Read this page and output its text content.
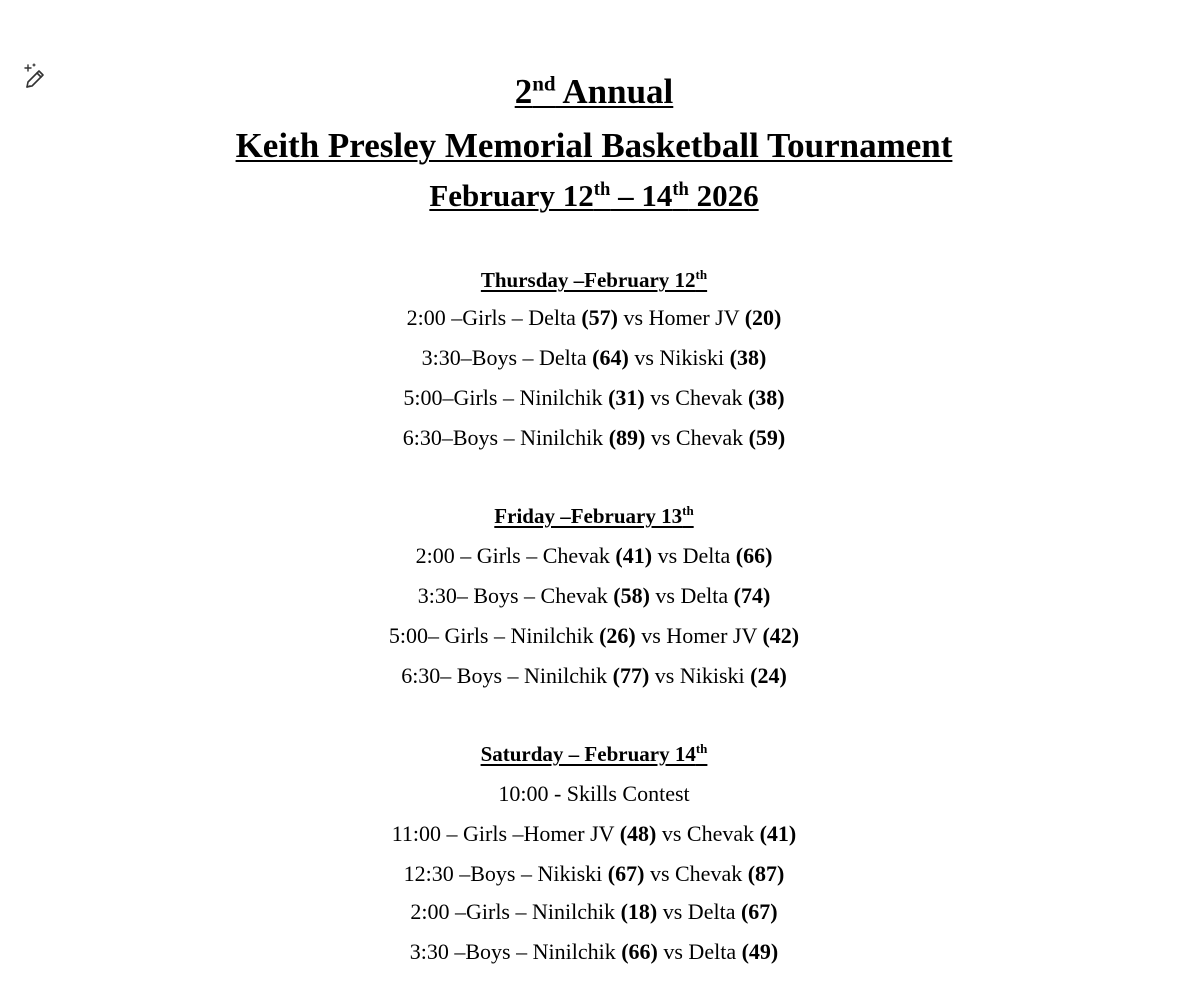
2nd Annual
Keith Presley Memorial Basketball Tournament
February 12th – 14th 2026
Thursday –February 12th
2:00 –Girls – Delta (57) vs Homer JV (20)
3:30–Boys – Delta (64) vs Nikiski (38)
5:00–Girls – Ninilchik (31) vs Chevak (38)
6:30–Boys – Ninilchik (89) vs Chevak (59)
Friday –February 13th
2:00 – Girls – Chevak (41) vs Delta (66)
3:30– Boys – Chevak (58) vs Delta (74)
5:00– Girls – Ninilchik (26) vs Homer JV (42)
6:30– Boys – Ninilchik (77) vs Nikiski (24)
Saturday – February 14th
10:00 - Skills Contest
11:00 – Girls –Homer JV (48) vs Chevak (41)
12:30 –Boys – Nikiski (67) vs Chevak (87)
2:00 –Girls – Ninilchik (18) vs Delta (67)
3:30 –Boys – Ninilchik (66) vs Delta (49)
